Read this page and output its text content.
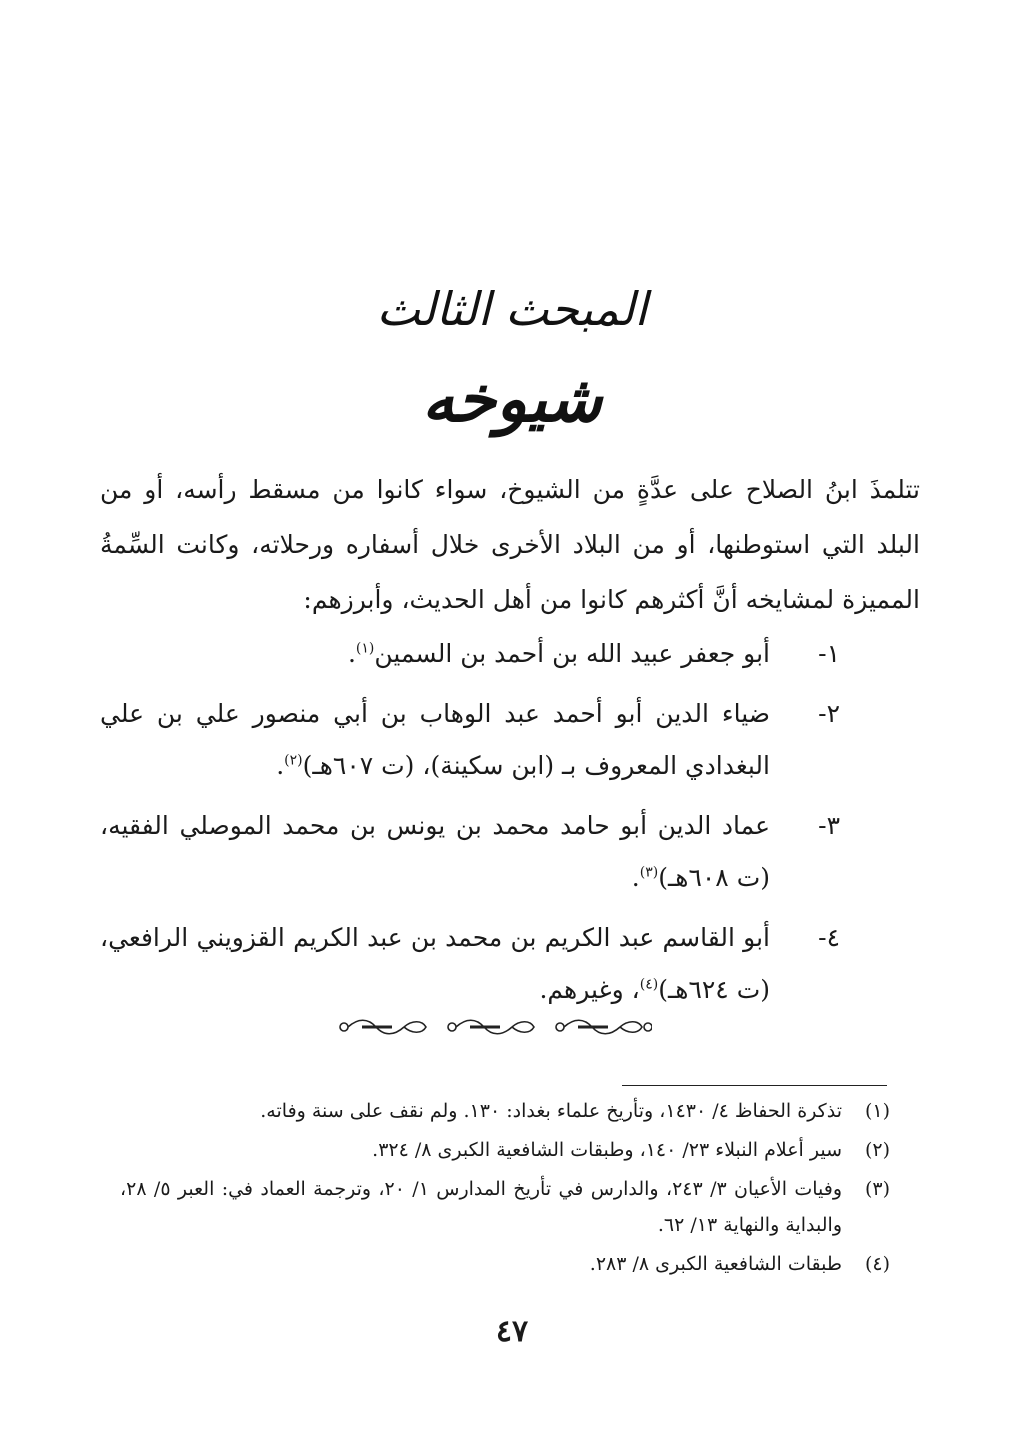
المبحث الثالث
شيوخه

تتلمذَ ابنُ الصلاح على عدَّةٍ من الشيوخ، سواء كانوا من مسقط رأسه، أو من البلد التي استوطنها، أو من البلاد الأخرى خلال أسفاره ورحلاته، وكانت السِّمةُ المميزة لمشايخه أنَّ أكثرهم كانوا من أهل الحديث، وأبرزهم:

١-
أبو جعفر عبيد الله بن أحمد بن السمين$^{(١)}$.
٢-
ضياء الدين أبو أحمد عبد الوهاب بن أبي منصور علي بن علي البغدادي المعروف بـ (ابن سكينة)، (ت ٦٠٧هـ)$^{(٢)}$.
٣-
عماد الدين أبو حامد محمد بن يونس بن محمد الموصلي الفقيه، (ت ٦٠٨هـ)$^{(٣)}$.
٤-
أبو القاسم عبد الكريم بن محمد بن عبد الكريم القزويني الرافعي، (ت ٦٢٤هـ)$^{(٤)}$، وغيرهم.
(١)
تذكرة الحفاظ ٤/ ١٤٣٠، وتأريخ علماء بغداد: ١٣٠. ولم نقف على سنة وفاته.
(٢)
سير أعلام النبلاء ٢٣/ ١٤٠، وطبقات الشافعية الكبرى ٨/ ٣٢٤.
(٣)
وفيات الأعيان ٣/ ٢٤٣، والدارس في تأريخ المدارس ١/ ٢٠، وترجمة العماد في: العبر ٥/ ٢٨، والبداية والنهاية ١٣/ ٦٢.
(٤)
طبقات الشافعية الكبرى ٨/ ٢٨٣.
٤٧
